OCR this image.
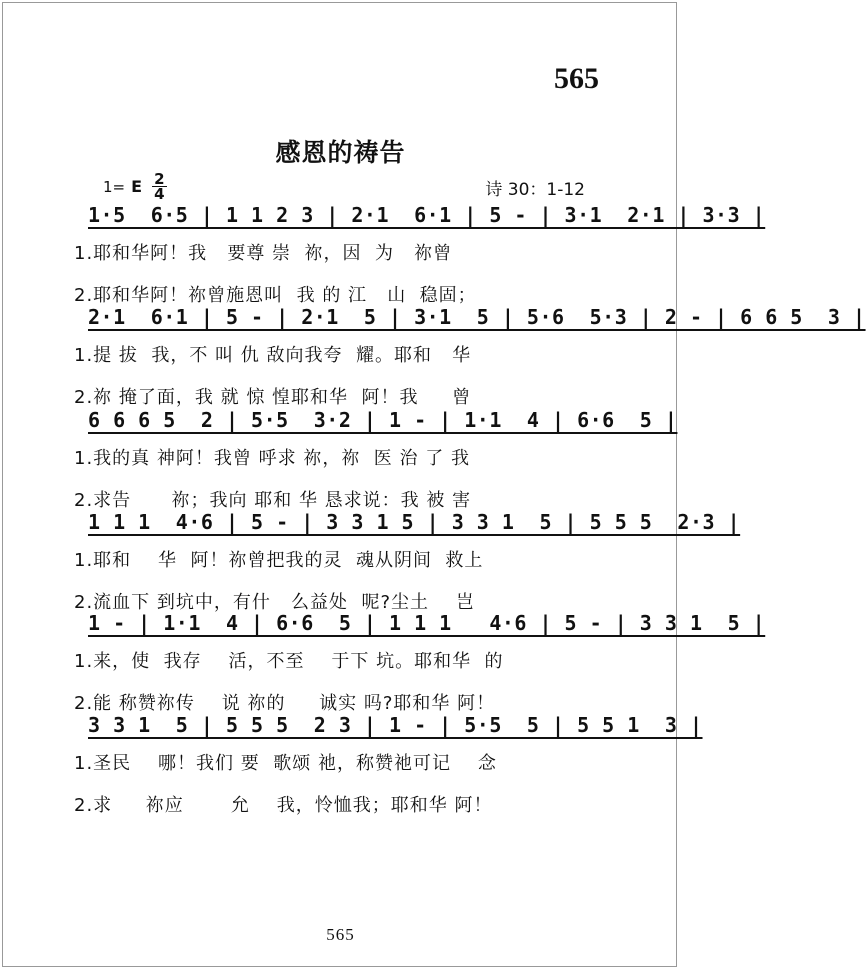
565
感恩的祷告
1= E 2
4	诗 30：1-12
1·5  6·5 | 1 1 2 3 | 2·1  6·1 | 5 - | 3·1  2·1 | 3·3 |
1.耶和华阿！我   要尊 崇  祢，因  为   祢曾
2.耶和华阿！祢曾施恩叫  我 的 江   山  稳固；
2·1  6·1 | 5 - | 2·1  5 | 3·1  5 | 5·6  5·3 | 2 - | 6 6 5  3 |
1.提 拔  我，不 叫 仇 敌向我夸  耀。耶和   华
2.祢 掩了面，我 就 惊 惶耶和华  阿！我     曾
6 6 6 5  2 | 5·5  3·2 | 1 - | 1·1  4 | 6·6  5 |
1.我的真 神阿！我曾 呼求 祢，祢  医 治 了 我
2.求告      祢；我向 耶和 华 恳求说：我 被 害
1 1 1  4·6 | 5 - | 3 3 1 5 | 3 3 1  5 | 5 5 5  2·3 |
1.耶和    华  阿！祢曾把我的灵  魂从阴间  救上
2.流血下 到坑中，有什   么益处  呢?尘土    岂
1 - | 1·1  4 | 6·6  5 | 1 1 1   4·6 | 5 - | 3 3 1  5 |
1.来，使  我存    活，不至    于下 坑。耶和华  的
2.能 称赞祢传    说 祢的     诚实 吗?耶和华 阿！
3 3 1  5 | 5 5 5  2 3 | 1 - | 5·5  5 | 5 5 1  3 |
1.圣民    哪！我们 要  歌颂 祂，称赞祂可记    念
2.求     祢应       允    我，怜恤我；耶和华 阿！
565
